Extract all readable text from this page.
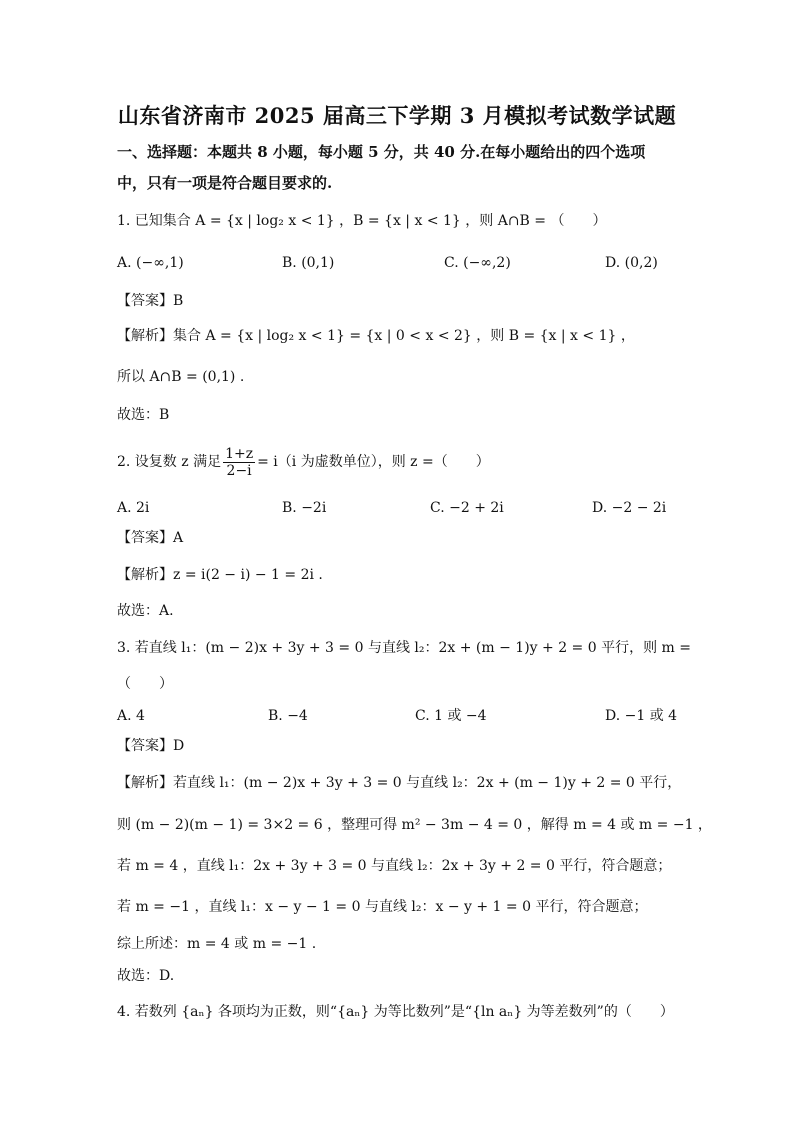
山东省济南市 2025 届高三下学期 3 月模拟考试数学试题
一、选择题：本题共 8 小题，每小题 5 分，共 40 分.在每小题给出的四个选项
中，只有一项是符合题目要求的.
1. 已知集合 A = {x | log₂ x < 1} ，B = {x | x < 1} ，则 A∩B = （　　）
A. (−∞,1)	B. (0,1)	C. (−∞,2)	D. (0,2)
【答案】B
【解析】集合 A = {x | log₂ x < 1} = {x | 0 < x < 2} ，则 B = {x | x < 1} ，
所以 A∩B = (0,1) .
故选：B
2. 设复数 z 满足 $\frac{1+z}{2-i} = i(i$ 为虚数单位），则 z =（　　）
A. 2i	B. −2i	C. −2 + 2i	D. −2 − 2i
【答案】A
【解析】z = i(2 − i) − 1 = 2i .
故选：A.
3. 若直线 l₁：(m − 2)x + 3y + 3 = 0 与直线 l₂：2x + (m − 1)y + 2 = 0 平行，则 m =
（　　）
A. 4	B. −4	C. 1 或 −4	D. −1 或 4
【答案】D
【解析】若直线 l₁：(m − 2)x + 3y + 3 = 0 与直线 l₂：2x + (m − 1)y + 2 = 0 平行，
则 (m − 2)(m − 1) = 3×2 = 6 ，整理可得 m² − 3m − 4 = 0 ，解得 m = 4 或 m = −1 ，
若 m = 4 ，直线 l₁：2x + 3y + 3 = 0 与直线 l₂：2x + 3y + 2 = 0 平行，符合题意；
若 m = −1 ，直线 l₁：x − y − 1 = 0 与直线 l₂：x − y + 1 = 0 平行，符合题意；
综上所述：m = 4 或 m = −1 .
故选：D.
4. 若数列 {aₙ} 各项均为正数，则“{aₙ} 为等比数列”是“{ln aₙ} 为等差数列”的（　　）
